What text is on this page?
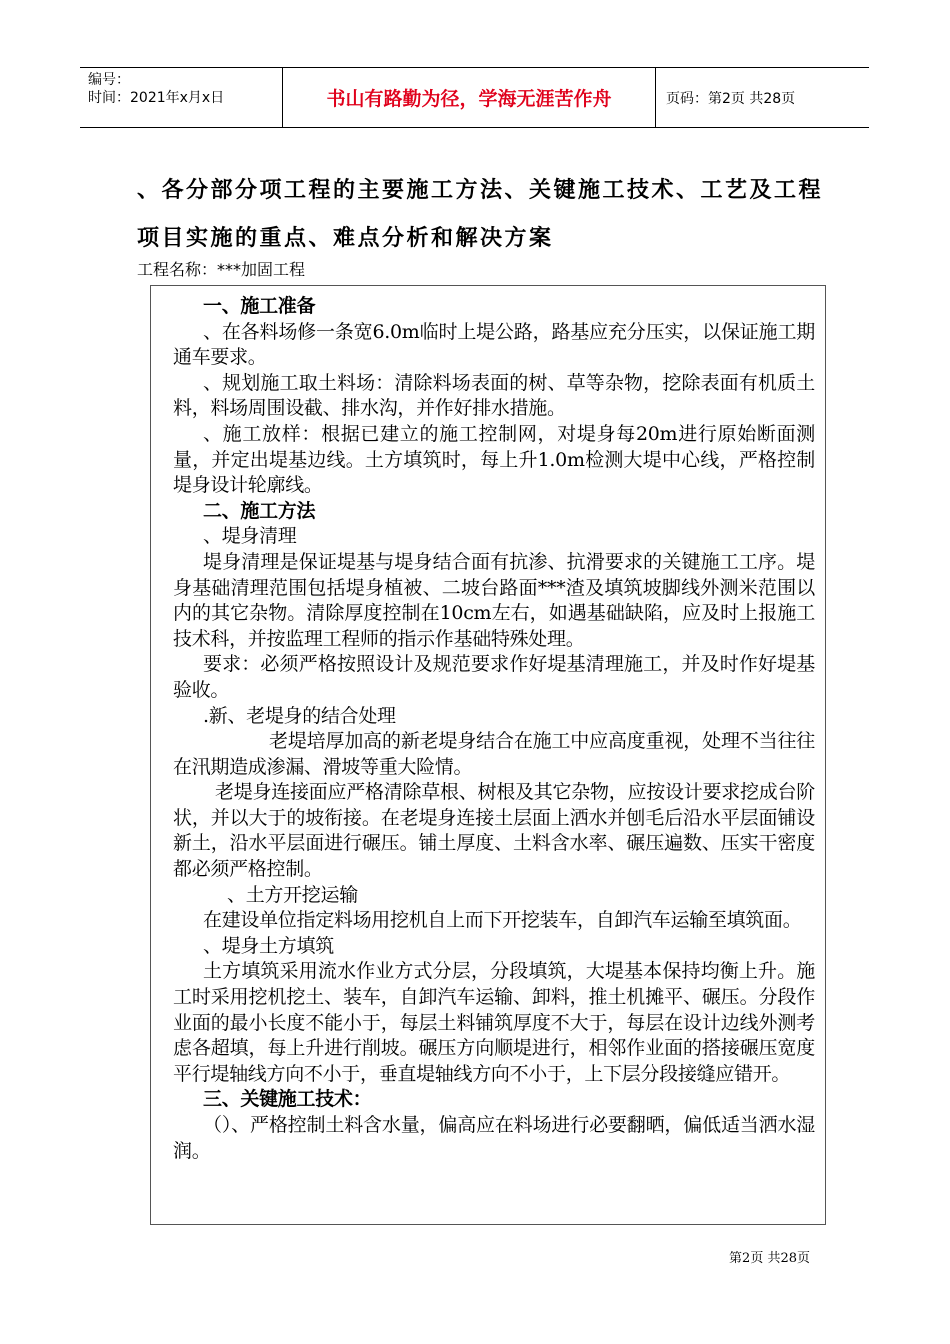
编号：
时间：2021年x月x日	书山有路勤为径，学海无涯苦作舟	页码：第2页 共28页
、各分部分项工程的主要施工方法、关键施工技术、工艺及工程项目实施的重点、难点分析和解决方案
工程名称：***加固工程

一、施工准备

、在各料场修一条宽6.0m临时上堤公路，路基应充分压实，以保证施工期通车要求。

、规划施工取土料场：清除料场表面的树、草等杂物，挖除表面有机质土料，料场周围设截、排水沟，并作好排水措施。

、施工放样：根据已建立的施工控制网，对堤身每20m进行原始断面测量，并定出堤基边线。土方填筑时，每上升1.0m检测大堤中心线，严格控制堤身设计轮廓线。

二、施工方法

、堤身清理

堤身清理是保证堤基与堤身结合面有抗渗、抗滑要求的关键施工工序。堤身基础清理范围包括堤身植被、二坡台路面***渣及填筑坡脚线外测米范围以内的其它杂物。清除厚度控制在10cm左右，如遇基础缺陷，应及时上报施工技术科，并按监理工程师的指示作基础特殊处理。

要求：必须严格按照设计及规范要求作好堤基清理施工，并及时作好堤基验收。

.新、老堤身的结合处理

老堤培厚加高的新老堤身结合在施工中应高度重视，处理不当往往在汛期造成渗漏、滑坡等重大险情。

老堤身连接面应严格清除草根、树根及其它杂物，应按设计要求挖成台阶状，并以大于的坡衔接。在老堤身连接土层面上洒水并刨毛后沿水平层面铺设新土，沿水平层面进行碾压。铺土厚度、土料含水率、碾压遍数、压实干密度都必须严格控制。

、土方开挖运输

在建设单位指定料场用挖机自上而下开挖装车，自卸汽车运输至填筑面。

、堤身土方填筑

土方填筑采用流水作业方式分层，分段填筑，大堤基本保持均衡上升。施工时采用挖机挖土、装车，自卸汽车运输、卸料，推土机摊平、碾压。分段作业面的最小长度不能小于，每层土料铺筑厚度不大于，每层在设计边线外测考虑各超填，每上升进行削坡。碾压方向顺堤进行，相邻作业面的搭接碾压宽度平行堤轴线方向不小于，垂直堤轴线方向不小于，上下层分段接缝应错开。

三、关键施工技术：

（）、严格控制土料含水量，偏高应在料场进行必要翻晒，偏低适当洒水湿润。

第2页 共28页
